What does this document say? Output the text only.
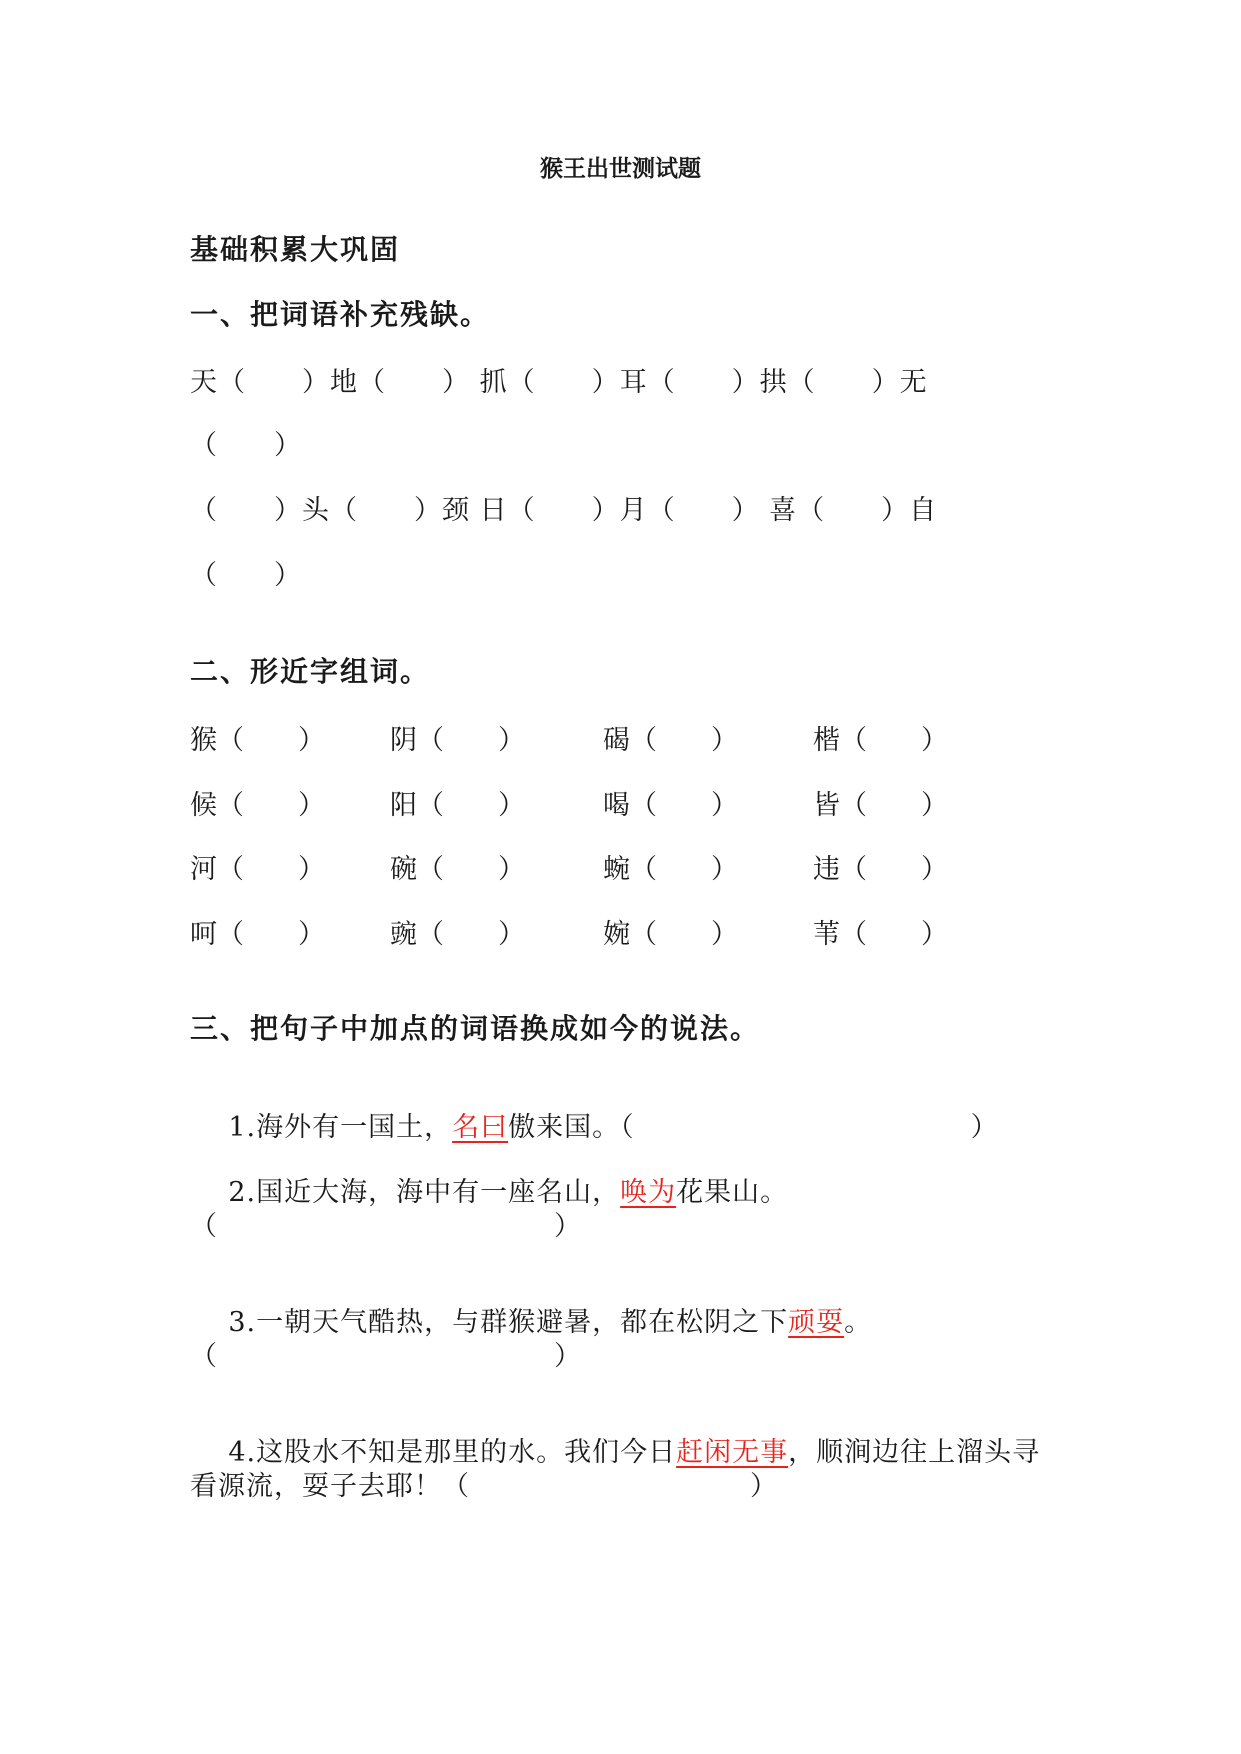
猴王出世测试题
基础积累大巩固
一、把词语补充残缺。
天（　　）地（　　） 抓（　　）耳（　　）拱（　　）无
（　　）
（　　）头（　　）颈 日（　　）月（　　） 喜（　　）自
（　　）
二、形近字组词。
猴（　　） 阴（　　）	碣（　　）	楷（　　）
候（　　） 阳（　　）	喝（　　）	皆（　　）
河（　　） 碗（　　）	蜿（　　）	违（　　）
呵（　　） 豌（　　）	婉（　　）	苇（　　）
三、把句子中加点的词语换成如今的说法。

1.海外有一国土，名曰傲来国。（　　　　　　　　　　　　）

2.国近大海，海中有一座名山，唤为花果山。

（　　　　　　　　　　　　）

3.一朝天气酷热，与群猴避暑，都在松阴之下顽耍。

（　　　　　　　　　　　　）

4.这股水不知是那里的水。我们今日赶闲无事，顺涧边往上溜头寻

看源流，耍子去耶！（　　　　　　　　　　）
